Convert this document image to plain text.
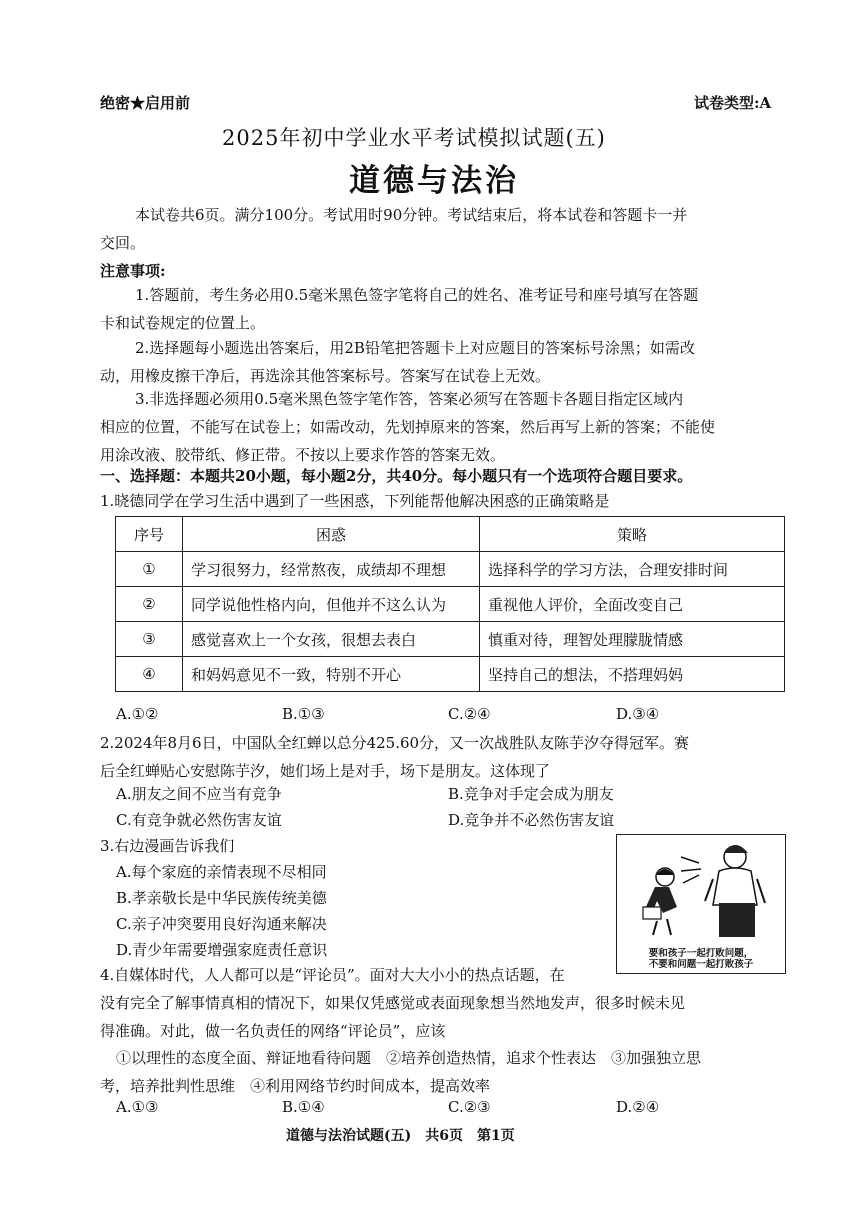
绝密★启用前	试卷类型:A
2025年初中学业水平考试模拟试题(五)
道德与法治
本试卷共6页。满分100分。考试用时90分钟。考试结束后，将本试卷和答题卡一并
交回。
注意事项:
1.答题前，考生务必用0.5毫米黑色签字笔将自己的姓名、准考证号和座号填写在答题
卡和试卷规定的位置上。
2.选择题每小题选出答案后，用2B铅笔把答题卡上对应题目的答案标号涂黑；如需改
动，用橡皮擦干净后，再选涂其他答案标号。答案写在试卷上无效。
3.非选择题必须用0.5毫米黑色签字笔作答，答案必须写在答题卡各题目指定区域内
相应的位置，不能写在试卷上；如需改动，先划掉原来的答案，然后再写上新的答案；不能使
用涂改液、胶带纸、修正带。不按以上要求作答的答案无效。
一、选择题：本题共20小题，每小题2分，共40分。每小题只有一个选项符合题目要求。
1.晓德同学在学习生活中遇到了一些困惑，下列能帮他解决困惑的正确策略是
序号	困惑	策略
①	学习很努力，经常熬夜，成绩却不理想	选择科学的学习方法，合理安排时间
②	同学说他性格内向，但他并不这么认为	重视他人评价，全面改变自己
③	感觉喜欢上一个女孩，很想去表白	慎重对待，理智处理朦胧情感
④	和妈妈意见不一致，特别不开心	坚持自己的想法，不搭理妈妈
A.①②	B.①③	C.②④	D.③④
2.2024年8月6日，中国队全红蝉以总分425.60分，又一次战胜队友陈芋汐夺得冠军。赛
后全红蝉贴心安慰陈芋汐，她们场上是对手，场下是朋友。这体现了
A.朋友之间不应当有竞争	B.竞争对手定会成为朋友
C.有竞争就必然伤害友谊	D.竞争并不必然伤害友谊
3.右边漫画告诉我们
A.每个家庭的亲情表现不尽相同
B.孝亲敬长是中华民族传统美德
C.亲子冲突要用良好沟通来解决
D.青少年需要增强家庭责任意识	要和孩子一起打败问题，
不要和问题一起打败孩子
4.自媒体时代，人人都可以是“评论员”。面对大大小小的热点话题，在
没有完全了解事情真相的情况下，如果仅凭感觉或表面现象想当然地发声，很多时候未见
得准确。对此，做一名负责任的网络“评论员”，应该
①以理性的态度全面、辩证地看待问题　②培养创造热情，追求个性表达　③加强独立思
考，培养批判性思维　④利用网络节约时间成本，提高效率
A.①③	B.①④	C.②③	D.②④
道德与法治试题(五)　共6页　第1页
